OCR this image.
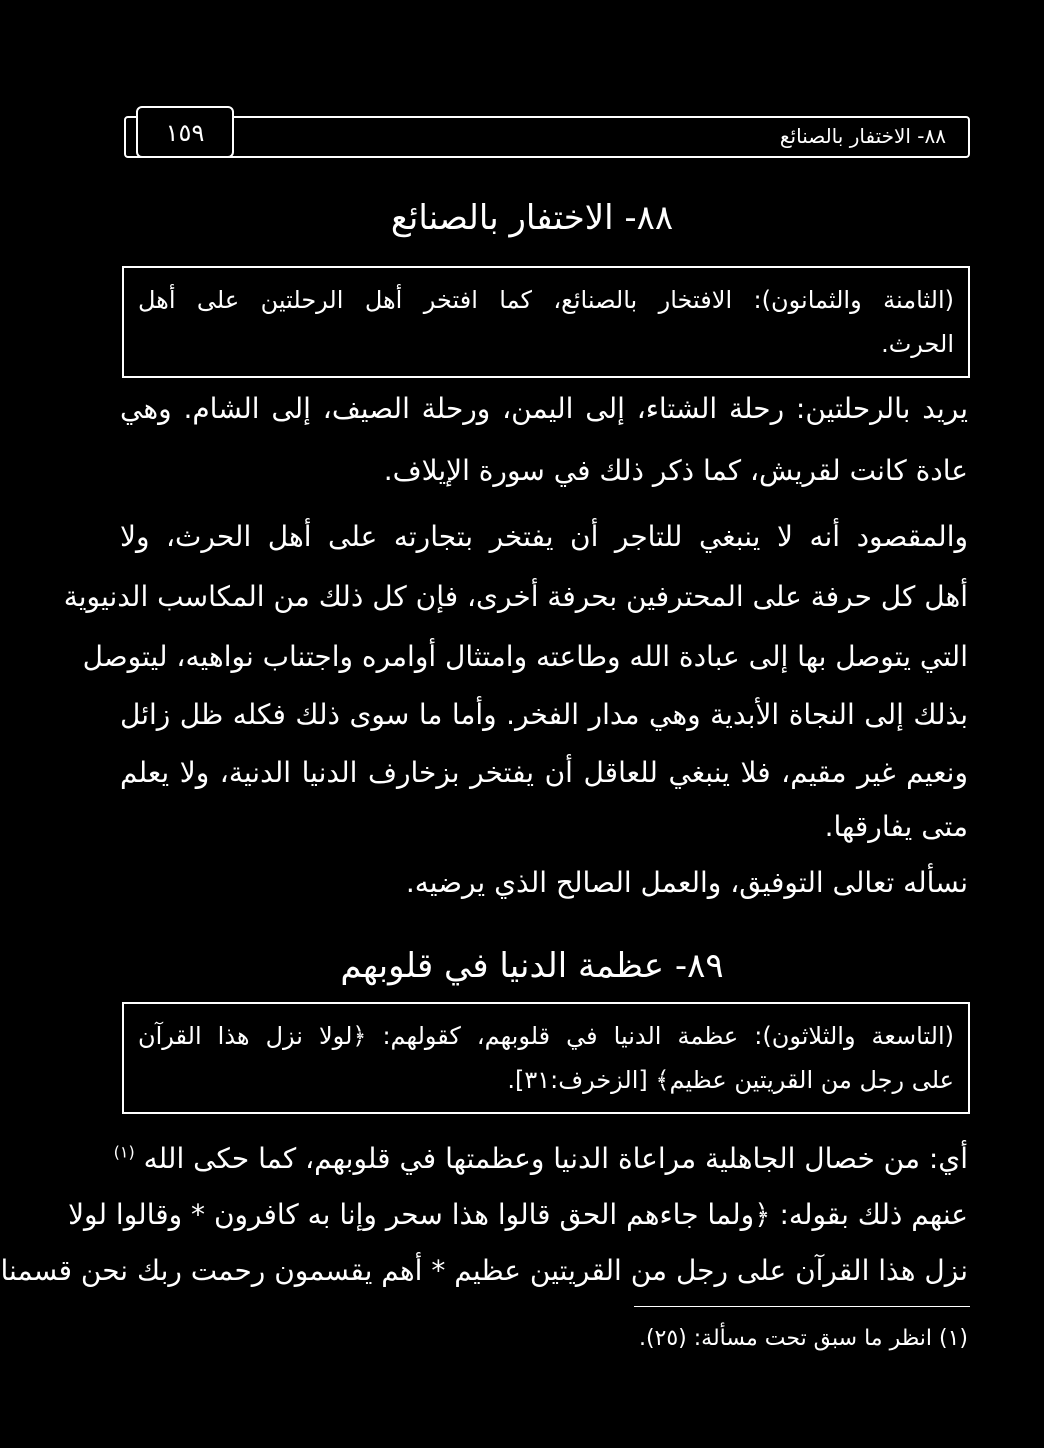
٨٨- الاختفار بالصنائع
١٥٩
٨٨- الاختفار بالصنائع
(الثامنة والثمانون): الافتخار بالصنائع، كما افتخر أهل الرحلتين على أهل
الحرث.
يريد بالرحلتين: رحلة الشتاء، إلى اليمن، ورحلة الصيف، إلى الشام. وهي
عادة كانت لقريش، كما ذكر ذلك في سورة الإيلاف.
والمقصود أنه لا ينبغي للتاجر أن يفتخر بتجارته على أهل الحرث، ولا
أهل كل حرفة على المحترفين بحرفة أخرى، فإن كل ذلك من المكاسب الدنيوية
التي يتوصل بها إلى عبادة الله وطاعته وامتثال أوامره واجتناب نواهيه، ليتوصل
بذلك إلى النجاة الأبدية وهي مدار الفخر. وأما ما سوى ذلك فكله ظل زائل
ونعيم غير مقيم، فلا ينبغي للعاقل أن يفتخر بزخارف الدنيا الدنية، ولا يعلم
متى يفارقها.
نسأله تعالى التوفيق، والعمل الصالح الذي يرضيه.
٨٩- عظمة الدنيا في قلوبهم
(التاسعة والثلاثون): عظمة الدنيا في قلوبهم، كقولهم: ﴿لولا نزل هذا القرآن
على رجل من القريتين عظيم﴾ [الزخرف:٣١].
أي: من خصال الجاهلية مراعاة الدنيا وعظمتها في قلوبهم، كما حكى الله $^{(١)}$
عنهم ذلك بقوله: ﴿ولما جاءهم الحق قالوا هذا سحر وإنا به كافرون * وقالوا لولا
نزل هذا القرآن على رجل من القريتين عظيم * أهم يقسمون رحمت ربك نحن قسمنا
(١) انظر ما سبق تحت مسألة: (٢٥).
